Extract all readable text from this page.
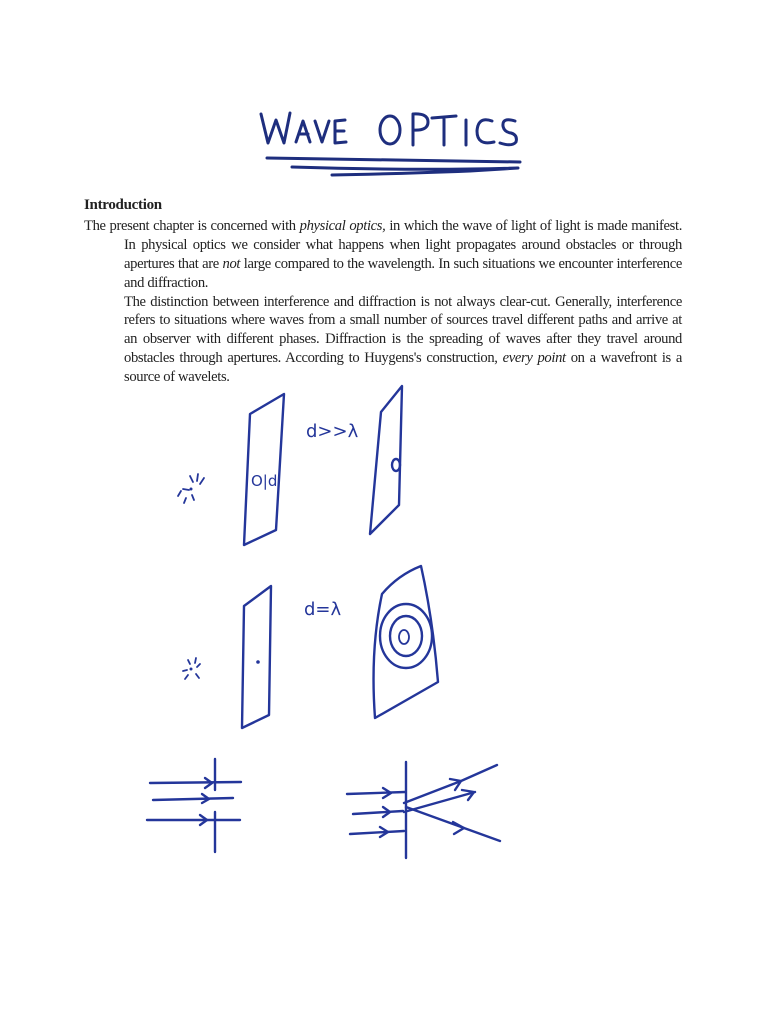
Introduction

The present chapter is concerned with physical optics, in which the wave of light of light is made manifest. In physical optics we consider what happens when light propagates around obstacles or through apertures that are not large compared to the wavelength. In such situations we encounter interference and diffraction.

The distinction between interference and diffraction is not always clear-cut. Generally, interference refers to situations where waves from a small number of sources travel different paths and arrive at an observer with different phases. Diffraction is the spreading of waves after they travel around obstacles through apertures. According to Huygens's construction, every point on a wavefront is a source of wavelets.

O|d
d>>λ
d=λ
